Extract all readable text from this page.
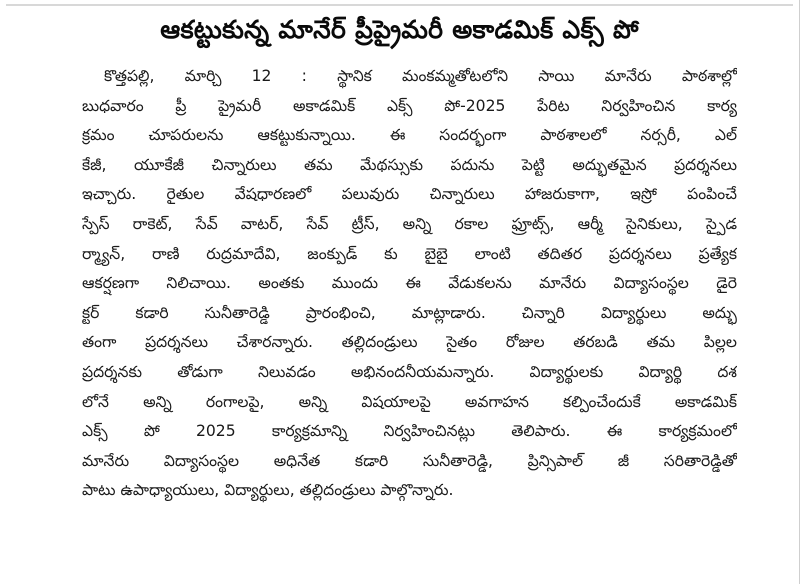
ఆకట్టుకున్న మానేర్ ప్రీప్రైమరీ అకాడమిక్ ఎక్స్ పో
కొత్తపల్లి, మార్చి 12 : స్థానిక మంకమ్మతోటలోని సాయి మానేరు పాఠశాల్లో
బుధవారం ప్రీ ప్రైమరీ అకాడమిక్ ఎక్స్ పో-2025 పేరిట నిర్వహించిన కార్య
క్రమం చూపరులను ఆకట్టుకున్నాయి. ఈ సందర్భంగా పాఠశాలలో నర్సరీ, ఎల్
కేజీ, యూకేజీ చిన్నారులు తమ మేథస్సుకు పదును పెట్టి అద్భుతమైన ప్రదర్శనలు
ఇచ్చారు. రైతుల వేషధారణలో పలువురు చిన్నారులు హాజరుకాగా, ఇస్రో పంపించే
స్పేస్ రాకెట్, సేవ్ వాటర్, సేవ్ ట్రీస్, అన్ని రకాల ఫ్రూట్స్, ఆర్మీ సైనికులు, స్పైడ
ర్మ్యాన్, రాణి రుద్రమాదేవి, జంక్పుడ్ కు బైబై లాంటి తదితర ప్రదర్శనలు ప్రత్యేక
ఆకర్షణగా నిలిచాయి. అంతకు ముందు ఈ వేడుకలను మానేరు విద్యాసంస్థల డైరె
క్టర్ కడారి సునీతారెడ్డి ప్రారంభించి, మాట్లాడారు. చిన్నారి విద్యార్థులు అద్భు
తంగా ప్రదర్శనలు చేశారన్నారు. తల్లిదండ్రులు సైతం రోజుల తరబడి తమ పిల్లల
ప్రదర్శనకు తోడుగా నిలువడం అభినందనీయమన్నారు. విద్యార్థులకు విద్యార్థి దశ
లోనే అన్ని రంగాలపై, అన్ని విషయాలపై అవగాహన కల్పించేందుకే అకాడమిక్
ఎక్స్ పో 2025 కార్యక్రమాన్ని నిర్వహించినట్లు తెలిపారు. ఈ కార్యక్రమంలో
మానేరు విద్యాసంస్థల అధినేత కడారి సునీతారెడ్డి, ప్రిన్సిపాల్ జీ సరితారెడ్డితో
పాటు ఉపాధ్యాయులు, విద్యార్థులు, తల్లిదండ్రులు పాల్గొన్నారు.
